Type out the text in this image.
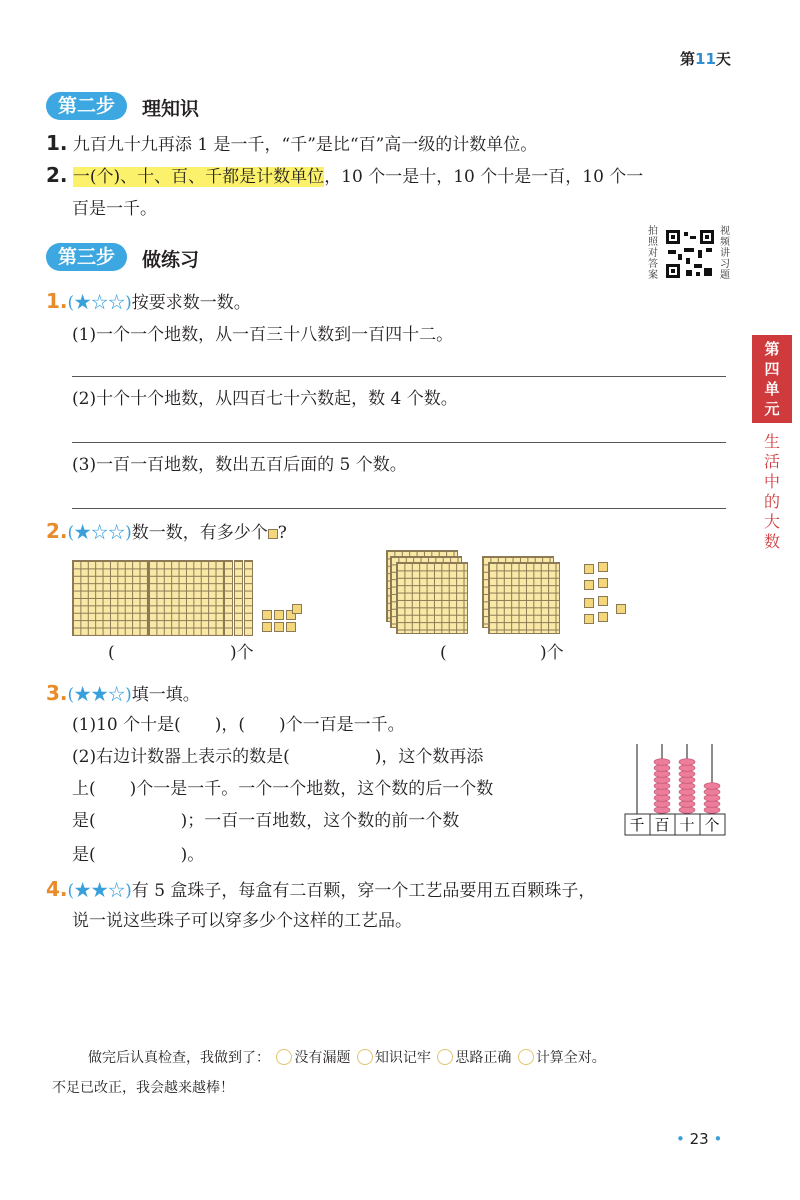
第11天
第四单元
生活中的大数
第二步	理知识
1. 九百九十九再添 1 是一千，“千”是比“百”高一级的计数单位。
2. 一(个)、十、百、千都是计数单位，10 个一是十，10 个十是一百，10 个一
百是一千。
第三步	做练习
拍照对答案
视频讲习题
1.(★☆☆)按要求数一数。
(1)一个一个地数，从一百三十八数到一百四十二。
(2)十个十个地数，从四百七十六数起，数 4 个数。
(3)一百一百地数，数出五百后面的 5 个数。
2.(★☆☆)数一数，有多少个 ?
(	)个	(	)个
3.(★★☆)填一填。
(1)10 个十是(　　)，(　　)个一百是一千。
(2)右边计数器上表示的数是(　　　　　)，这个数再添
上(　　)个一是一千。一个一个地数，这个数的后一个数
是(　　　　　)；一百一百地数，这个数的前一个数
是(　　　　　)。
千 百 十 个
4.(★★☆)有 5 盒珠子，每盒有二百颗，穿一个工艺品要用五百颗珠子，
说一说这些珠子可以穿多少个这样的工艺品。
做完后认真检查，我做到了： 没有漏题 知识记牢 思路正确 计算全对。
不足已改正，我会越来越棒！
• 23 •
